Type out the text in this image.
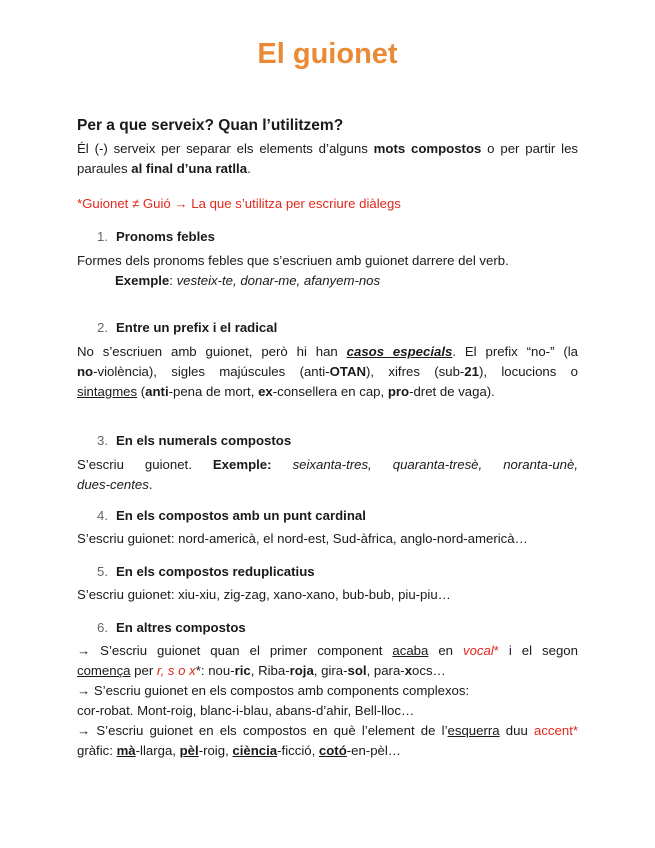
El guionet
Per a que serveix? Quan l’utilitzem?
Él (-) serveix per separar els elements d’alguns mots compostos o per partir les
paraules al final d’una ratlla.
*Guionet ≠ Guió → La que s’utilitza per escriure diàlegs
1. Pronoms febles
Formes dels pronoms febles que s’escriuen amb guionet darrere del verb.
Exemple: vesteix-te, donar-me, afanyem-nos
2. Entre un prefix i el radical
No s’escriuen amb guionet, però hi han casos especials. El prefix “no-” (la
no-violència), sigles majúscules (anti-OTAN), xifres (sub-21), locucions o
sintagmes (anti-pena de mort, ex-consellera en cap, pro-dret de vaga).
3. En els numerals compostos
S’escriu guionet. Exemple: seixanta-tres, quaranta-tresè, noranta-unè,
dues-centes.
4. En els compostos amb un punt cardinal
S’escriu guionet: nord-americà, el nord-est, Sud-àfrica, anglo-nord-americà…
5. En els compostos reduplicatius
S’escriu guionet: xiu-xiu, zig-zag, xano-xano, bub-bub, piu-piu…
6. En altres compostos
→ S’escriu guionet quan el primer component acaba en vocal* i el segon
comença per r, s o x*: nou-ric, Riba-roja, gira-sol, para-xocs…
→ S’escriu guionet en els compostos amb components complexos:
cor-robat. Mont-roig, blanc-i-blau, abans-d’ahir, Bell-lloc…
→ S’escriu guionet en els compostos en què l’element de l’esquerra duu accent*
gràfic: mà-llarga, pèl-roig, ciència-ficció, cotó-en-pèl…
